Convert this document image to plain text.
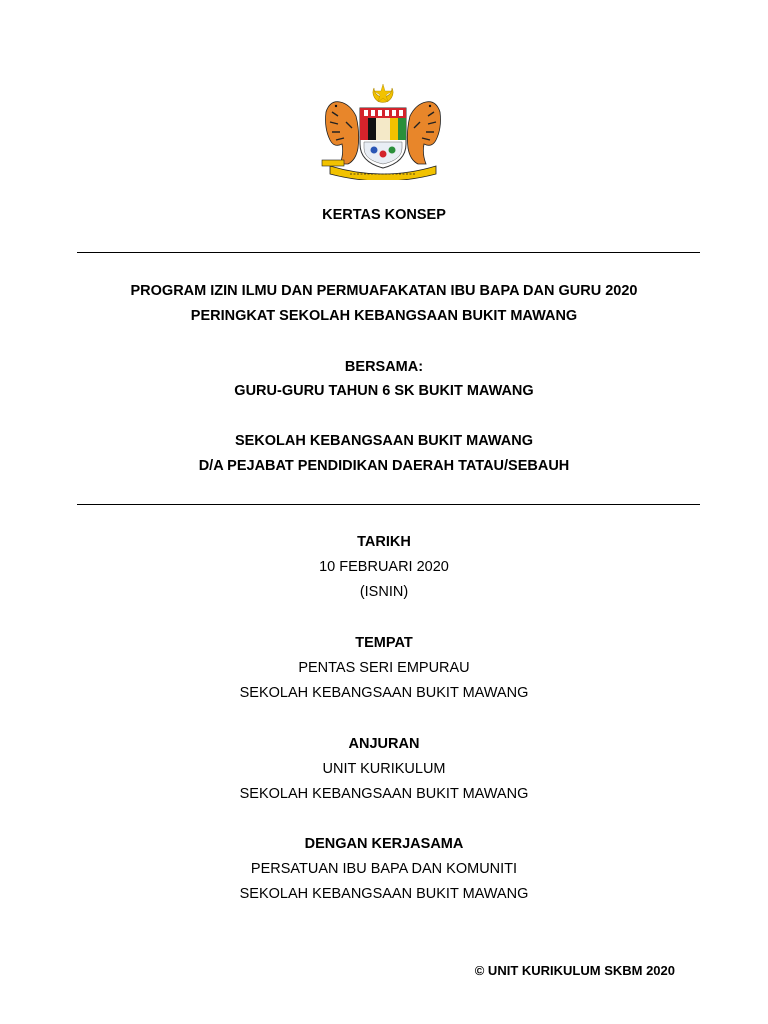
KERTAS KONSEP
PROGRAM IZIN ILMU DAN PERMUAFAKATAN IBU BAPA DAN GURU 2020
PERINGKAT SEKOLAH KEBANGSAAN BUKIT MAWANG
BERSAMA:
GURU-GURU TAHUN 6 SK BUKIT MAWANG
SEKOLAH KEBANGSAAN BUKIT MAWANG
D/A PEJABAT PENDIDIKAN DAERAH TATAU/SEBAUH
TARIKH
10 FEBRUARI 2020
(ISNIN)
TEMPAT
PENTAS SERI EMPURAU
SEKOLAH KEBANGSAAN BUKIT MAWANG
ANJURAN
UNIT KURIKULUM
SEKOLAH KEBANGSAAN BUKIT MAWANG
DENGAN KERJASAMA
PERSATUAN IBU BAPA DAN KOMUNITI
SEKOLAH KEBANGSAAN BUKIT MAWANG
© UNIT KURIKULUM SKBM 2020
